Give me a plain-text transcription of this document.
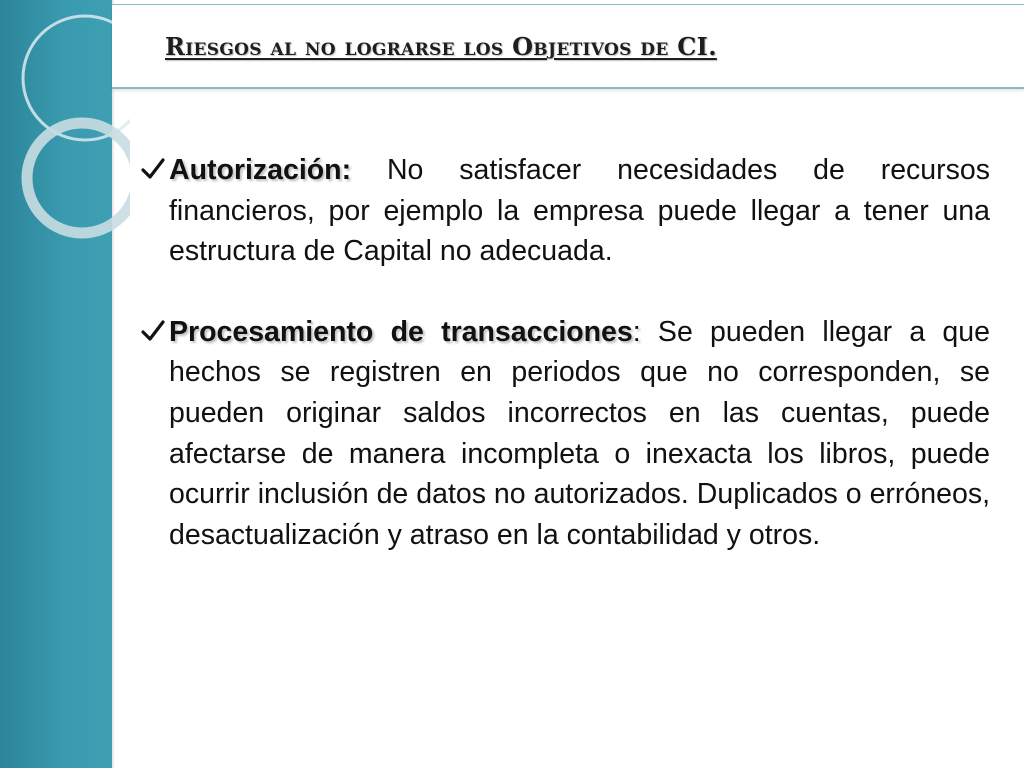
Riesgos al no lograrse los Objetivos de CI.

Autorización: No satisfacer necesidades de recursos financieros, por ejemplo la empresa puede llegar a tener una estructura de Capital no adecuada.

Procesamiento de transacciones: Se pueden llegar a que hechos se registren en periodos que no corresponden, se pueden originar saldos incorrectos en las cuentas, puede afectarse de manera incompleta o inexacta los libros, puede ocurrir inclusión de datos no autorizados. Duplicados o erróneos, desactualización y atraso en la contabilidad y otros.
